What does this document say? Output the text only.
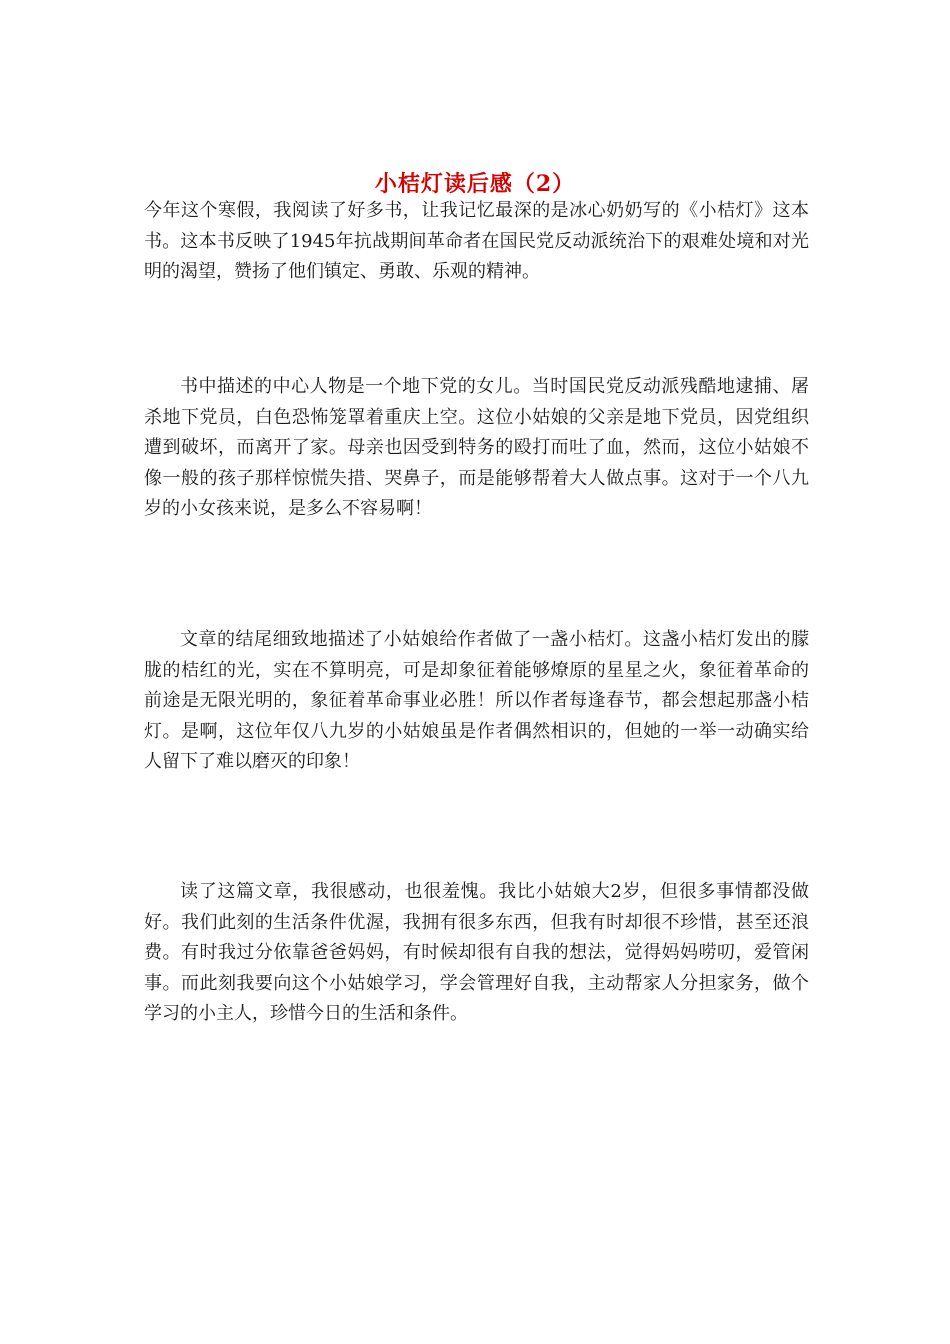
小桔灯读后感（2）

今年这个寒假，我阅读了好多书，让我记忆最深的是冰心奶奶写的《小桔灯》这本书。这本书反映了1945年抗战期间革命者在国民党反动派统治下的艰难处境和对光明的渴望，赞扬了他们镇定、勇敢、乐观的精神。

书中描述的中心人物是一个地下党的女儿。当时国民党反动派残酷地逮捕、屠杀地下党员，白色恐怖笼罩着重庆上空。这位小姑娘的父亲是地下党员，因党组织遭到破坏，而离开了家。母亲也因受到特务的殴打而吐了血，然而，这位小姑娘不像一般的孩子那样惊慌失措、哭鼻子，而是能够帮着大人做点事。这对于一个八九岁的小女孩来说，是多么不容易啊！

文章的结尾细致地描述了小姑娘给作者做了一盏小桔灯。这盏小桔灯发出的朦胧的桔红的光，实在不算明亮，可是却象征着能够燎原的星星之火，象征着革命的前途是无限光明的，象征着革命事业必胜！所以作者每逢春节，都会想起那盏小桔灯。是啊，这位年仅八九岁的小姑娘虽是作者偶然相识的，但她的一举一动确实给人留下了难以磨灭的印象！

读了这篇文章，我很感动，也很羞愧。我比小姑娘大2岁，但很多事情都没做好。我们此刻的生活条件优渥，我拥有很多东西，但我有时却很不珍惜，甚至还浪费。有时我过分依靠爸爸妈妈，有时候却很有自我的想法，觉得妈妈唠叨，爱管闲事。而此刻我要向这个小姑娘学习，学会管理好自我，主动帮家人分担家务，做个学习的小主人，珍惜今日的生活和条件。
